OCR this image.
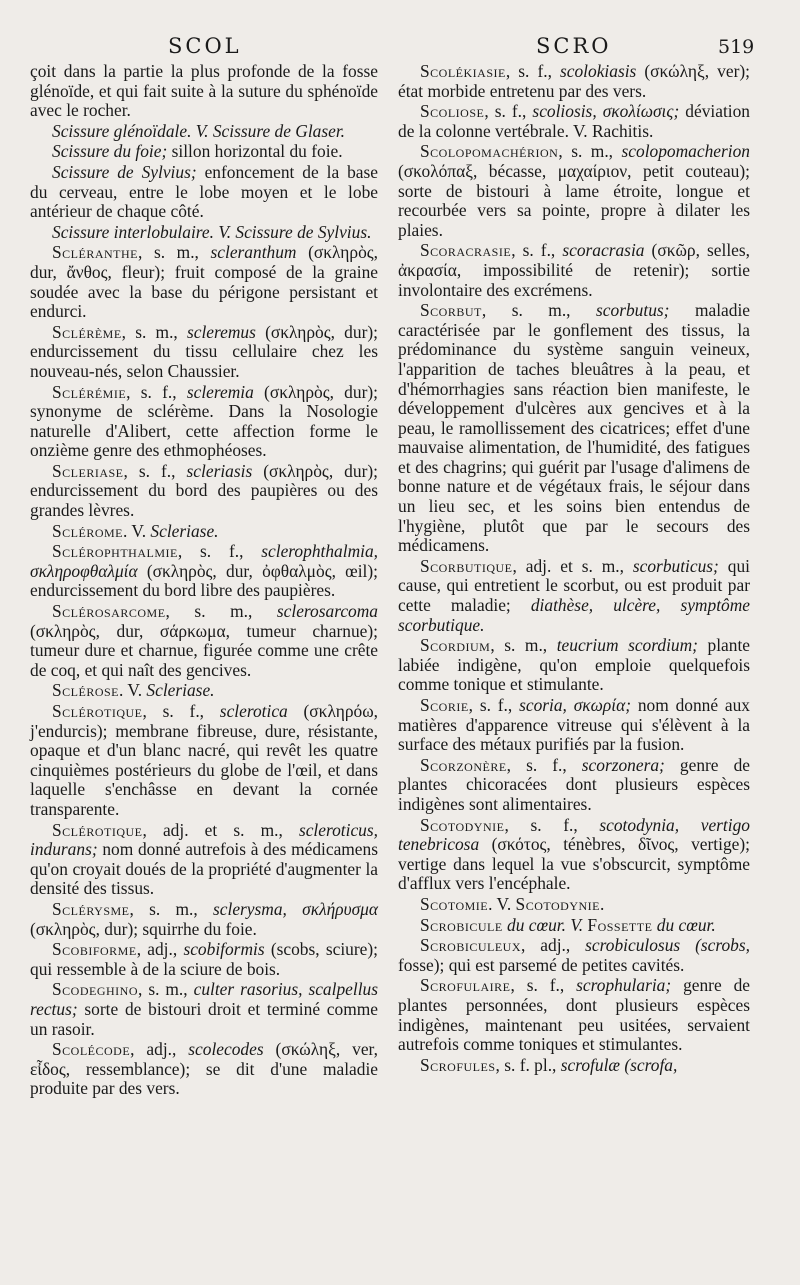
SCOL	SCRO	519

çoit dans la partie la plus profonde de la fosse glénoïde, et qui fait suite à la suture du sphénoïde avec le rocher.

Scissure glénoïdale. V. Scissure de Glaser.

Scissure du foie; sillon horizontal du foie.

Scissure de Sylvius; enfoncement de la base du cerveau, entre le lobe moyen et le lobe antérieur de chaque côté.

Scissure interlobulaire. V. Scissure de Sylvius.

Scléranthe, s. m., scleranthum (σκληρὸς, dur, ἄνθος, fleur); fruit composé de la graine soudée avec la base du périgone persistant et endurci.

Sclérème, s. m., scleremus (σκληρὸς, dur); endurcissement du tissu cellulaire chez les nouveau-nés, selon Chaussier.

Sclérémie, s. f., scleremia (σκληρὸς, dur); synonyme de sclérème. Dans la Nosologie naturelle d'Alibert, cette affection forme le onzième genre des ethmophéoses.

Scleriase, s. f., scleriasis (σκληρὸς, dur); endurcissement du bord des paupières ou des grandes lèvres.

Sclérome. V. Scleriase.

Sclérophthalmie, s. f., sclerophthalmia, σκληροφθαλμία (σκληρὸς, dur, ὀφθαλμὸς, œil); endurcissement du bord libre des paupières.

Sclérosarcome, s. m., sclerosarcoma (σκληρὸς, dur, σάρκωμα, tumeur charnue); tumeur dure et charnue, figurée comme une crête de coq, et qui naît des gencives.

Sclérose. V. Scleriase.

Sclérotique, s. f., sclerotica (σκληρόω, j'endurcis); membrane fibreuse, dure, résistante, opaque et d'un blanc nacré, qui revêt les quatre cinquièmes postérieurs du globe de l'œil, et dans laquelle s'enchâsse en devant la cornée transparente.

Sclérotique, adj. et s. m., scleroticus, indurans; nom donné autrefois à des médicamens qu'on croyait doués de la propriété d'augmenter la densité des tissus.

Sclérysme, s. m., sclerysma, σκλήρυσμα (σκληρὸς, dur); squirrhe du foie.

Scobiforme, adj., scobiformis (scobs, sciure); qui ressemble à de la sciure de bois.

Scodeghino, s. m., culter rasorius, scalpellus rectus; sorte de bistouri droit et terminé comme un rasoir.

Scolécode, adj., scolecodes (σκώληξ, ver, εἶδος, ressemblance); se dit d'une maladie produite par des vers.

Scolékiasie, s. f., scolokiasis (σκώληξ, ver); état morbide entretenu par des vers.

Scoliose, s. f., scoliosis, σκολίωσις; déviation de la colonne vertébrale. V. Rachitis.

Scolopomachérion, s. m., scolopomacherion (σκολόπαξ, bécasse, μαχαίριον, petit couteau); sorte de bistouri à lame étroite, longue et recourbée vers sa pointe, propre à dilater les plaies.

Scoracrasie, s. f., scoracrasia (σκῶρ, selles, ἀκρασία, impossibilité de retenir); sortie involontaire des excrémens.

Scorbut, s. m., scorbutus; maladie caractérisée par le gonflement des tissus, la prédominance du système sanguin veineux, l'apparition de taches bleuâtres à la peau, et d'hémorrhagies sans réaction bien manifeste, le développement d'ulcères aux gencives et à la peau, le ramollissement des cicatrices; effet d'une mauvaise alimentation, de l'humidité, des fatigues et des chagrins; qui guérit par l'usage d'alimens de bonne nature et de végétaux frais, le séjour dans un lieu sec, et les soins bien entendus de l'hygiène, plutôt que par le secours des médicamens.

Scorbutique, adj. et s. m., scorbuticus; qui cause, qui entretient le scorbut, ou est produit par cette maladie; diathèse, ulcère, symptôme scorbutique.

Scordium, s. m., teucrium scordium; plante labiée indigène, qu'on emploie quelquefois comme tonique et stimulante.

Scorie, s. f., scoria, σκωρία; nom donné aux matières d'apparence vitreuse qui s'élèvent à la surface des métaux purifiés par la fusion.

Scorzonère, s. f., scorzonera; genre de plantes chicoracées dont plusieurs espèces indigènes sont alimentaires.

Scotodynie, s. f., scotodynia, vertigo tenebricosa (σκότος, ténèbres, δῖνος, vertige); vertige dans lequel la vue s'obscurcit, symptôme d'afflux vers l'encéphale.

Scotomie. V. Scotodynie.

Scrobicule du cœur. V. Fossette du cœur.

Scrobiculeux, adj., scrobiculosus (scrobs, fosse); qui est parsemé de petites cavités.

Scrofulaire, s. f., scrophularia; genre de plantes personnées, dont plusieurs espèces indigènes, maintenant peu usitées, servaient autrefois comme toniques et stimulantes.

Scrofules, s. f. pl., scrofulæ (scrofa,
